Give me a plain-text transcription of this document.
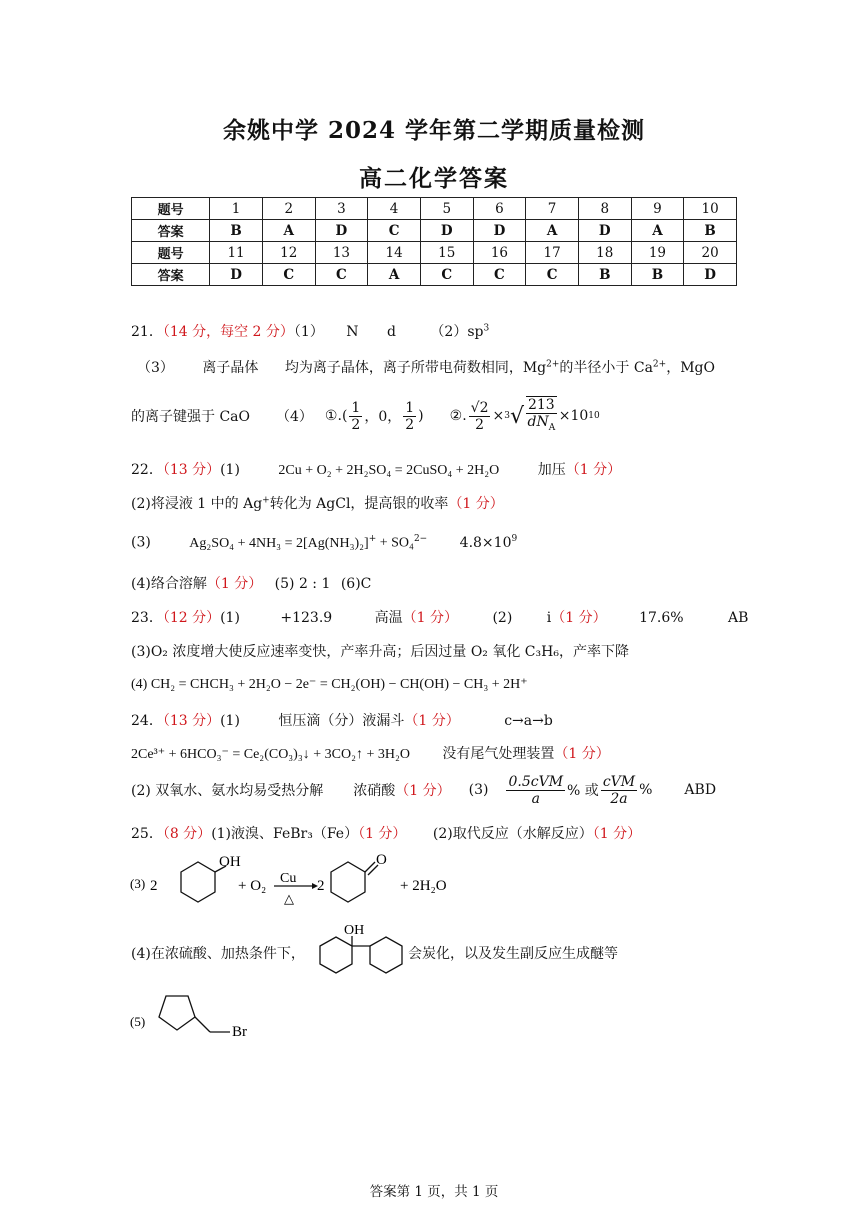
余姚中学 2024 学年第二学期质量检测
高二化学答案
题号	1	2	3	4	5	6	7	8	9	10
答案	B	A	D	C	D	D	A	D	A	B
题号	11	12	13	14	15	16	17	18	19	20
答案	D	C	C	A	C	C	C	B	B	D
21．（14 分，每空 2 分）（1） N d $(2)sp^3$
（3） 离子晶体 均为离子晶体，离子所带电荷数相同，$Mg^{2+}$的半径小于 $Ca^{2+}$，MgO
的离子键强于 CaO （4） ①. ( $\frac{1}{2}$ ，0， $\frac{1}{2}$ ) ②. $\frac{√2}{2} \times 3$ √ $\frac{213}{dN_A} \times 10$ 10
22．（13 分）(1)	2Cu + O₂ + 2H₂SO₄ = 2CuSO₄ + 2H₂O	加压（1 分）
(2)将浸液 1 中的 Ag+转化为 AgCl，提高银的收率（1 分）
(3)	Ag₂SO₄ + 4NH₃ = 2[Ag(NH₃)₂]+ + SO₄$^{2-}$ $4.8\times 10^9$
(4)络合溶解（1 分） (5) 2 : 1 (6)C
23．（12 分）(1)	+123.9	高温（1 分） (2) i（1 分） 17.6%	AB
(3)O₂ 浓度增大使反应速率变快，产率升高；后因过量 O₂ 氧化 C₃H₆，产率下降
(4) CH₂ = CHCH₃ + 2H₂O − 2e⁻ = CH₂(OH) − CH(OH) − CH₃ + 2H⁺
24．（13 分）(1)	恒压滴（分）液漏斗（1 分）	c→a→b
2Ce³⁺ + 6HCO₃⁻ = Ce₂(CO₃)₃↓ + 3CO₂↑ + 3H₂O 没有尾气处理装置（1 分）
(2) 双氧水、氨水均易受热分解 浓硝酸 （1 分） $(3) \frac{\text{0.5cVM}}{a}$ % 或 $\frac{\text{cVM}}{2a}$ % ABD
25．（8 分）(1)液溴、FeBr₃（Fe）（1 分） (2)取代反应（水解反应）（1 分）
(3) 2
OH
+ O₂ Cu
△
2
O
+ 2H₂O
(4)在浓硫酸、加热条件下，
OH
会炭化，以及发生副反应生成醚等
(5)
Br
答案第 1 页，共 1 页
